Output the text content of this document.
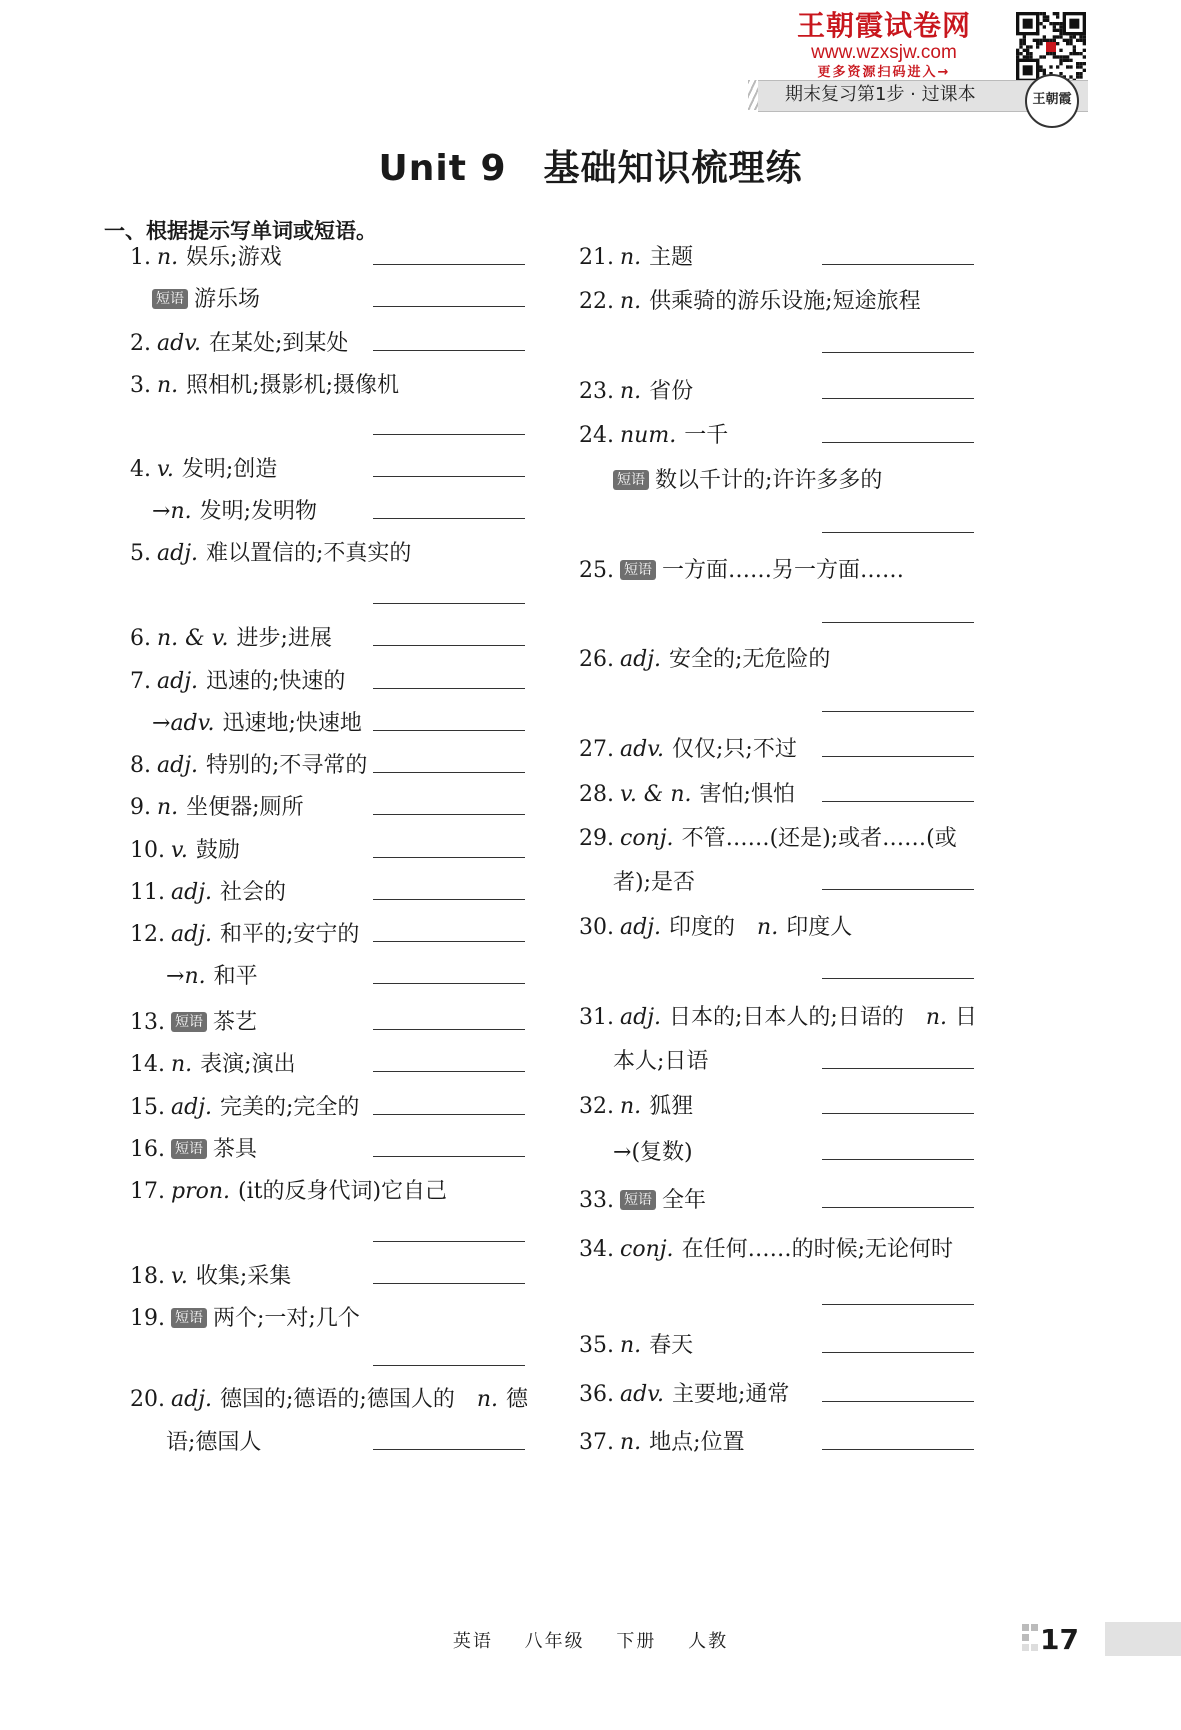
王朝霞试卷网
www.wzxsjw.com
更多资源扫码进入→
期末复习第1步 · 过课本	王朝霞
Unit 9　基础知识梳理练
一、根据提示写单词或短语。
1. n. 娱乐;游戏
短语 游乐场
2. adv. 在某处;到某处
3. n. 照相机;摄影机;摄像机
4. v. 发明;创造
→n. 发明;发明物
5. adj. 难以置信的;不真实的
6. n. & v. 进步;进展
7. adj. 迅速的;快速的
→adv. 迅速地;快速地
8. adj. 特别的;不寻常的
9. n. 坐便器;厕所
10. v. 鼓励
11. adj. 社会的
12. adj. 和平的;安宁的
→n. 和平
13. 短语 茶艺
14. n. 表演;演出
15. adj. 完美的;完全的
16. 短语 茶具
17. pron. (it的反身代词)它自己
18. v. 收集;采集
19. 短语 两个;一对;几个
20. adj. 德国的;德语的;德国人的 n. 德
语;德国人
21. n. 主题
22. n. 供乘骑的游乐设施;短途旅程
23. n. 省份
24. num. 一千
短语 数以千计的;许许多多的
25. 短语 一方面……另一方面……
26. adj. 安全的;无危险的
27. adv. 仅仅;只;不过
28. v. & n. 害怕;惧怕
29. conj. 不管……(还是);或者……(或
者);是否
30. adj. 印度的 n. 印度人
31. adj. 日本的;日本人的;日语的 n. 日
本人;日语
32. n. 狐狸
→(复数)
33. 短语 全年
34. conj. 在任何……的时候;无论何时
35. n. 春天
36. adv. 主要地;通常
37. n. 地点;位置
英语 八年级 下册 人教	17
